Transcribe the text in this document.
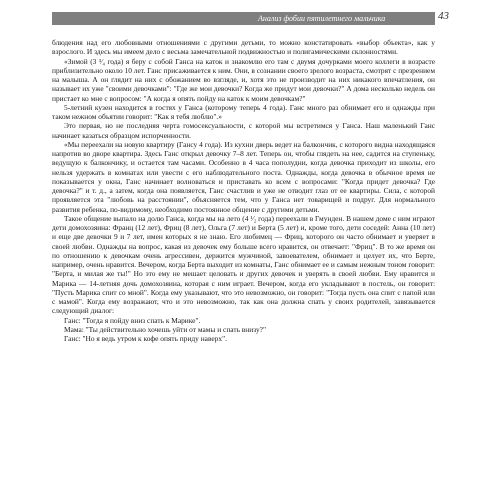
Анализ фобии пятилетнего мальчика	43

блюдения над его любовными отношениями с другими детьми, то можно констатировать «выбор объекта», как у взрослого. И здесь мы имеем дело с весьма замечательной подвижностью и полигамическими склонностями.

«Зимой (3 ³⁄₄ года) я беру с собой Ганса на каток и знакомлю его там с двумя дочурками моего коллеги в возрасте приблизительно около 10 лет. Ганс присаживается к ним. Они, в сознании своего зрелого возраста, смотрят с презрением на малыша. А он глядит на них с обожанием во взгляде, и, хотя это не производит на них никакого впечатления, он называет их уже "своими девочками": "Где же мои девочки? Когда же придут мои девочки?" А дома несколько недель он пристает ко мне с вопросом: "А когда я опять пойду на каток к моим девочкам?"

5-летний кузен находится в гостях у Ганса (которому теперь 4 года). Ганс много раз обнимает его и однажды при таком нежном объятии говорит: "Как я тебя люблю".»

Это первая, но не последняя черта гомосексуальности, с которой мы встретимся у Ганса. Наш маленький Ганс начинает казаться образцом испорченности.

«Мы переехали на новую квартиру (Гансу 4 года). Из кухни дверь ведет на балкончик, с которого видна находящаяся напротив во дворе квартира. Здесь Ганс открыл девочку 7–8 лет. Теперь он, чтобы глядеть на нее, садится на ступеньку, ведущую к балкончику, и остается там часами. Особенно в 4 часа пополудни, когда девочка приходит из школы, его нельзя удержать в комнатах или увести с его наблюдательного поста. Однажды, когда девочка в обычное время не показывается у окна, Ганс начинает волноваться и приставать ко всем с вопросами: "Когда придет девочка? Где девочка?" и т. д., а затем, когда она появляется, Ганс счастлив и уже не отводит глаз от ее квартиры. Сила, с которой проявляется эта "любовь на расстоянии", объясняется тем, что у Ганса нет товарищей и подруг. Для нормального развития ребенка, по-видимому, необходимо постоянное общение с другими детьми.

Такое общение выпало на долю Ганса, когда мы на лето (4 ¹⁄₂ года) переехали в Гмунден. В нашем доме с ним играют дети домохозяина: Франц (12 лет), Фриц (8 лет), Ольга (7 лет) и Берта (5 лет) и, кроме того, дети соседей: Анна (10 лет) и еще две девочки 9 и 7 лет, имен которых я не знаю. Его любимец — Фриц, которого он часто обнимает и уверяет в своей любви. Однажды на вопрос, какая из девочек ему больше всего нравится, он отвечает: "Фриц". В то же время он по отношению к девочкам очень агрессивен, держится мужчиной, завоевателем, обнимает и целует их, что Берте, например, очень нравится. Вечером, когда Берта выходит из комнаты, Ганс обнимает ее и самым нежным тоном говорит: "Берта, и милая же ты!" Но это ему не мешает целовать и других девочек и уверять в своей любви. Ему нравится и Марика — 14-летняя дочь домохозяина, которая с ним играет. Вечером, когда его укладывают в постель, он говорит: "Пусть Марика спит со мной". Когда ему указывают, что это невозможно, он говорит: "Тогда пусть она спит с папой или с мамой". Когда ему возражают, что и это невозможно, так как она должна спать у своих родителей, завязывается следующий диалог:

Ганс: "Тогда я пойду вниз спать к Марике".

Мама: "Ты действительно хочешь уйти от мамы и спать внизу?"

Ганс: "Но я ведь утром к кофе опять приду наверх".
